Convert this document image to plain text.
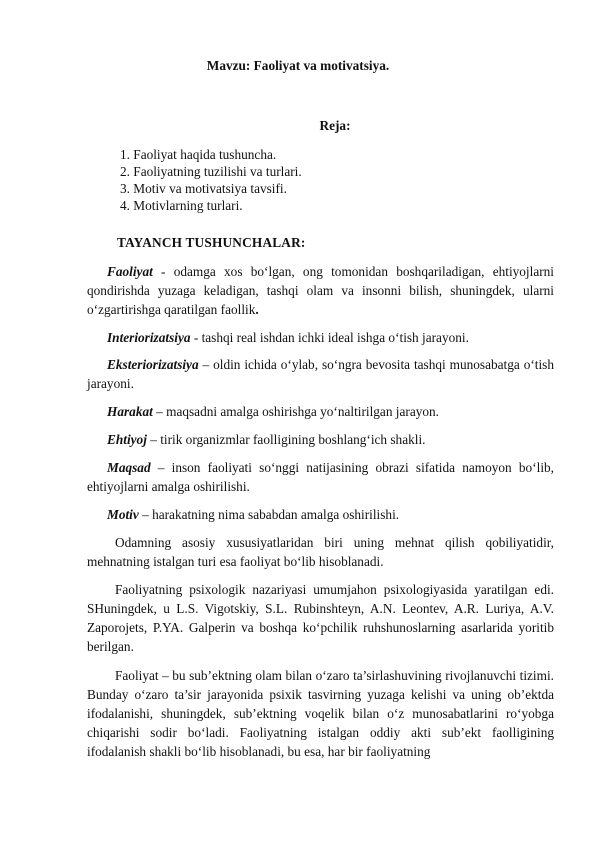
Mavzu: Faoliyat va motivatsiya.
Reja:
1. Faoliyat haqida tushuncha.
2. Faoliyatning tuzilishi va turlari.
3. Motiv va motivatsiya tavsifi.
4. Motivlarning turlari.
TAYANCH TUSHUNCHALAR:
Faoliyat - odamga xos bo‘lgan, ong tomonidan boshqariladigan, ehtiyojlarni qondirishda yuzaga keladigan, tashqi olam va insonni bilish, shuningdek, ularni o‘zgartirishga qaratilgan faollik.
Interiorizatsiya - tashqi real ishdan ichki ideal ishga o‘tish jarayoni.
Eksteriorizatsiya – oldin ichida o‘ylab, so‘ngra bevosita tashqi munosabatga o‘tish jarayoni.
Harakat – maqsadni amalga oshirishga yo‘naltirilgan jarayon.
Ehtiyoj – tirik organizmlar faolligining boshlang‘ich shakli.
Maqsad – inson faoliyati so‘nggi natijasining obrazi sifatida namoyon bo‘lib, ehtiyojlarni amalga oshirilishi.
Motiv – harakatning nima sababdan amalga oshirilishi.
Odamning asosiy xususiyatlaridan biri uning mehnat qilish qobiliyatidir, mehnatning istalgan turi esa faoliyat bo‘lib hisoblanadi.
Faoliyatning psixologik nazariyasi umumjahon psixologiyasida yaratilgan edi. SHuningdek, u L.S. Vigotskiy, S.L. Rubinshteyn, A.N. Leontev, A.R. Luriya, A.V. Zaporojets, P.YA. Galperin va boshqa ko‘pchilik ruhshunoslarning asarlarida yoritib berilgan.
Faoliyat – bu sub’ektning olam bilan o‘zaro ta’sirlashuvining rivojlanuvchi tizimi. Bunday o‘zaro ta’sir jarayonida psixik tasvirning yuzaga kelishi va uning ob’ektda ifodalanishi, shuningdek, sub’ektning voqelik bilan o‘z munosabatlarini ro‘yobga chiqarishi sodir bo‘ladi. Faoliyatning istalgan oddiy akti sub’ekt faolligining ifodalanish shakli bo‘lib hisoblanadi, bu esa, har bir faoliyatning
